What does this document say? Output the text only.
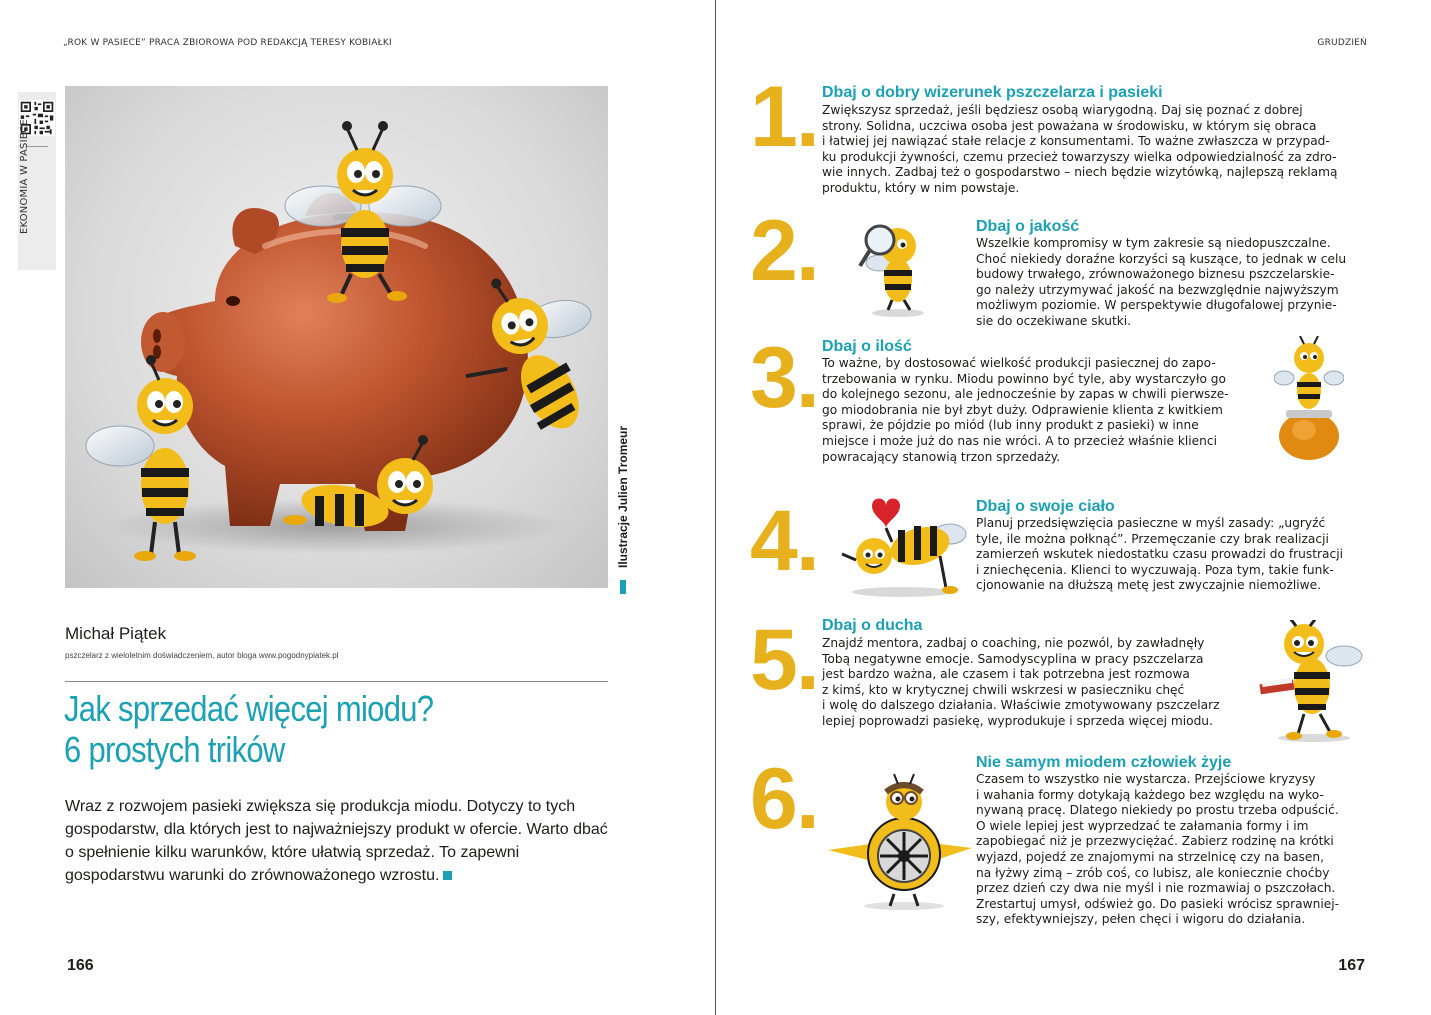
„ROK W PASIECE” PRACA ZBIOROWA POD REDAKCJĄ TERESY KOBIAŁKI
EKONOMIA W PASIECE
Ilustracje Julien Tromeur
Michał Piątek
pszczelarz z wieloletnim doświadczeniem, autor bloga www.pogodnypiatek.pl
Jak sprzedać więcej miodu?
6 prostych trików
Wraz z rozwojem pasieki zwiększa się produkcja miodu. Dotyczy to tych gospodarstw, dla których jest to najważniejszy produkt w ofercie. Warto dbać o spełnienie kilku warunków, które ułatwią sprzedaż. To zapewni gospodarstwu warunki do zrównoważonego wzrostu.
166
GRUDZIEŃ
1. Dbaj o dobry wizerunek pszczelarza i pasieki
Zwiększysz sprzedaż, jeśli będziesz osobą wiarygodną. Daj się poznać z dobrej
strony. Solidna, uczciwa osoba jest poważana w środowisku, w którym się obraca
i łatwiej jej nawiązać stałe relacje z konsumentami. To ważne zwłaszcza w przypad-
ku produkcji żywności, czemu przecież towarzyszy wielka odpowiedzialność za zdro-
wie innych. Zadbaj też o gospodarstwo – niech będzie wizytówką, najlepszą reklamą
produktu, który w nim powstaje.
2.	Dbaj o jakość
Wszelkie kompromisy w tym zakresie są niedopuszczalne.
Choć niekiedy doraźne korzyści są kuszące, to jednak w celu
budowy trwałego, zrównoważonego biznesu pszczelarskie-
go należy utrzymywać jakość na bezwzględnie najwyższym
możliwym poziomie. W perspektywie długofalowej przynie-
sie do oczekiwane skutki.
3. Dbaj o ilość
To ważne, by dostosować wielkość produkcji pasiecznej do zapo-
trzebowania w rynku. Miodu powinno być tyle, aby wystarczyło go
do kolejnego sezonu, ale jednocześnie by zapas w chwili pierwsze-
go miodobrania nie był zbyt duży. Odprawienie klienta z kwitkiem
sprawi, że pójdzie po miód (lub inny produkt z pasieki) w inne
miejsce i może już do nas nie wróci. A to przecież właśnie klienci
powracający stanowią trzon sprzedaży.
4.	Dbaj o swoje ciało
Planuj przedsięwzięcia pasieczne w myśl zasady: „ugryźć
tyle, ile można połknąć”. Przemęczanie czy brak realizacji
zamierzeń wskutek niedostatku czasu prowadzi do frustracji
i zniechęcenia. Klienci to wyczuwają. Poza tym, takie funk-
cjonowanie na dłuższą metę jest zwyczajnie niemożliwe.
5. Dbaj o ducha
Znajdź mentora, zadbaj o coaching, nie pozwól, by zawładnęły
Tobą negatywne emocje. Samodyscyplina w pracy pszczelarza
jest bardzo ważna, ale czasem i tak potrzebna jest rozmowa
z kimś, kto w krytycznej chwili wskrzesi w pasieczniku chęć
i wolę do dalszego działania. Właściwie zmotywowany pszczelarz
lepiej poprowadzi pasiekę, wyprodukuje i sprzeda więcej miodu.
6.	Nie samym miodem człowiek żyje
Czasem to wszystko nie wystarcza. Przejściowe kryzysy
i wahania formy dotykają każdego bez względu na wyko-
nywaną pracę. Dlatego niekiedy po prostu trzeba odpuścić.
O wiele lepiej jest wyprzedzać te załamania formy i im
zapobiegać niż je przezwyciężać. Zabierz rodzinę na krótki
wyjazd, pojedź ze znajomymi na strzelnicę czy na basen,
na łyżwy zimą – zrób coś, co lubisz, ale koniecznie choćby
przez dzień czy dwa nie myśl i nie rozmawiaj o pszczołach.
Zrestartuj umysł, odśwież go. Do pasieki wrócisz sprawniej-
szy, efektywniejszy, pełen chęci i wigoru do działania.
167
